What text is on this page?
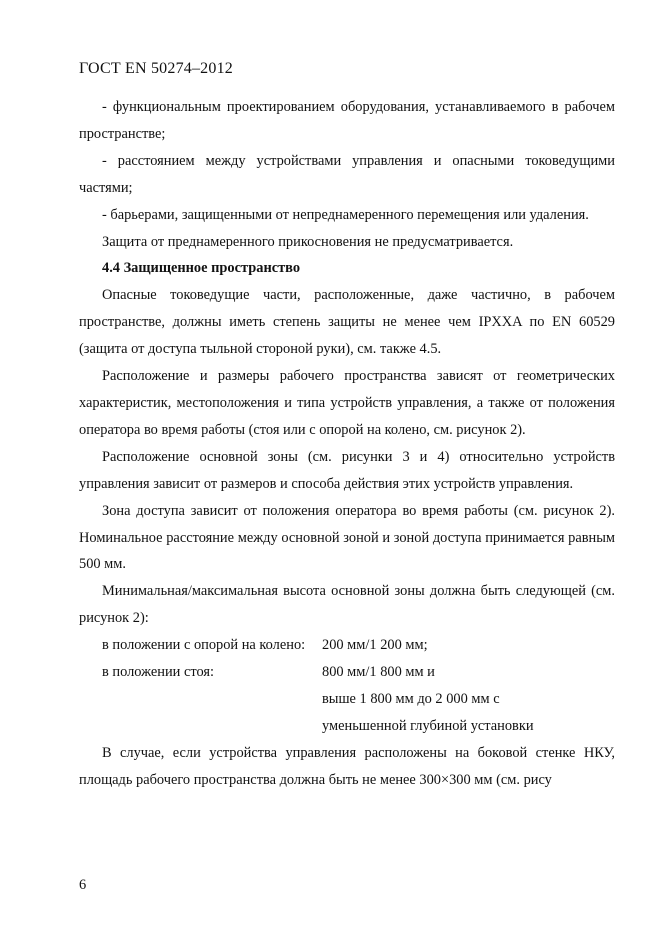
ГОСТ EN 50274–2012

- функциональным проектированием оборудования, устанавливаемого в рабочем пространстве;

- расстоянием между устройствами управления и опасными токоведущими частями;

- барьерами, защищенными от непреднамеренного перемещения или удаления.

Защита от преднамеренного прикосновения не предусматривается.

4.4 Защищенное пространство

Опасные токоведущие части, расположенные, даже частично, в рабочем пространстве, должны иметь степень защиты не менее чем IPXXA по EN 60529 (защита от доступа тыльной стороной руки), см. также 4.5.

Расположение и размеры рабочего пространства зависят от геометрических характеристик, местоположения и типа устройств управления, а также от положения оператора во время работы (стоя или с опорой на колено, см. рисунок 2).

Расположение основной зоны (см. рисунки 3 и 4) относительно устройств управления зависит от размеров и способа действия этих устройств управления.

Зона доступа зависит от положения оператора во время работы (см. рисунок 2). Номинальное расстояние между основной зоной и зоной доступа принимается равным 500 мм.

Минимальная/максимальная высота основной зоны должна быть следующей (см. рисунок 2):

в положении с опорой на колено:	200 мм/1 200 мм;
в положении стоя:	800 мм/1 800 мм и
выше 1 800 мм до 2 000 мм с
уменьшенной глубиной установки

В случае, если устройства управления расположены на боковой стенке НКУ, площадь рабочего пространства должна быть не менее 300×300 мм (см. рису

6
